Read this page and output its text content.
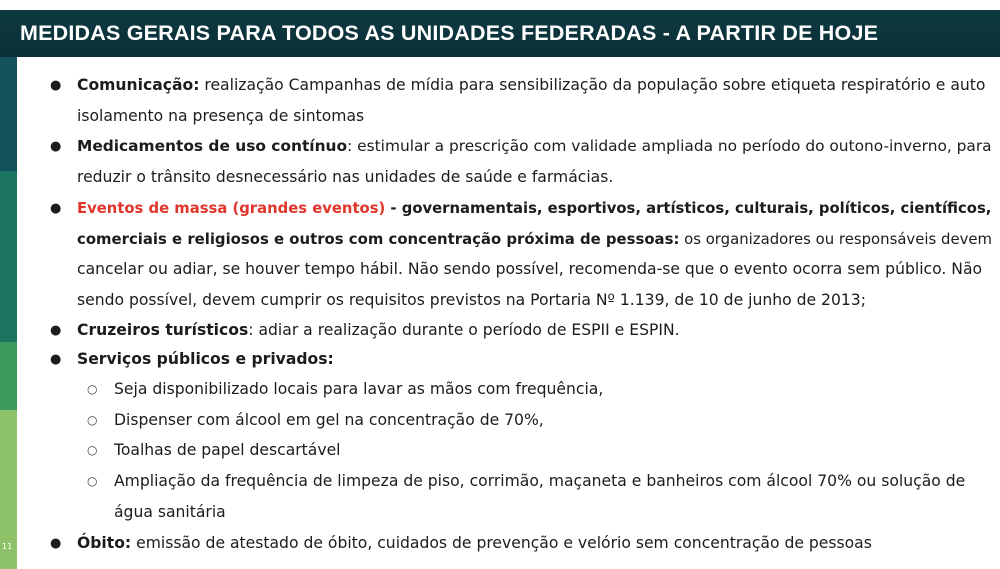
MEDIDAS GERAIS PARA TODOS AS UNIDADES FEDERADAS - A PARTIR DE HOJE
11
● Comunicação: realização Campanhas de mídia para sensibilização da população sobre etiqueta respiratório e auto
isolamento na presença de sintomas
● Medicamentos de uso contínuo: estimular a prescrição com validade ampliada no período do outono-inverno, para
reduzir o trânsito desnecessário nas unidades de saúde e farmácias.
● Eventos de massa (grandes eventos) - governamentais, esportivos, artísticos, culturais, políticos, científicos,
comerciais e religiosos e outros com concentração próxima de pessoas: os organizadores ou responsáveis devem
cancelar ou adiar, se houver tempo hábil. Não sendo possível, recomenda-se que o evento ocorra sem público. Não
sendo possível, devem cumprir os requisitos previstos na Portaria Nº 1.139, de 10 de junho de 2013;
● Cruzeiros turísticos: adiar a realização durante o período de ESPII e ESPIN.
● Serviços públicos e privados:
○ Seja disponibilizado locais para lavar as mãos com frequência,
○ Dispenser com álcool em gel na concentração de 70%,
○ Toalhas de papel descartável
○ Ampliação da frequência de limpeza de piso, corrimão, maçaneta e banheiros com álcool 70% ou solução de
água sanitária
● Óbito: emissão de atestado de óbito, cuidados de prevenção e velório sem concentração de pessoas
